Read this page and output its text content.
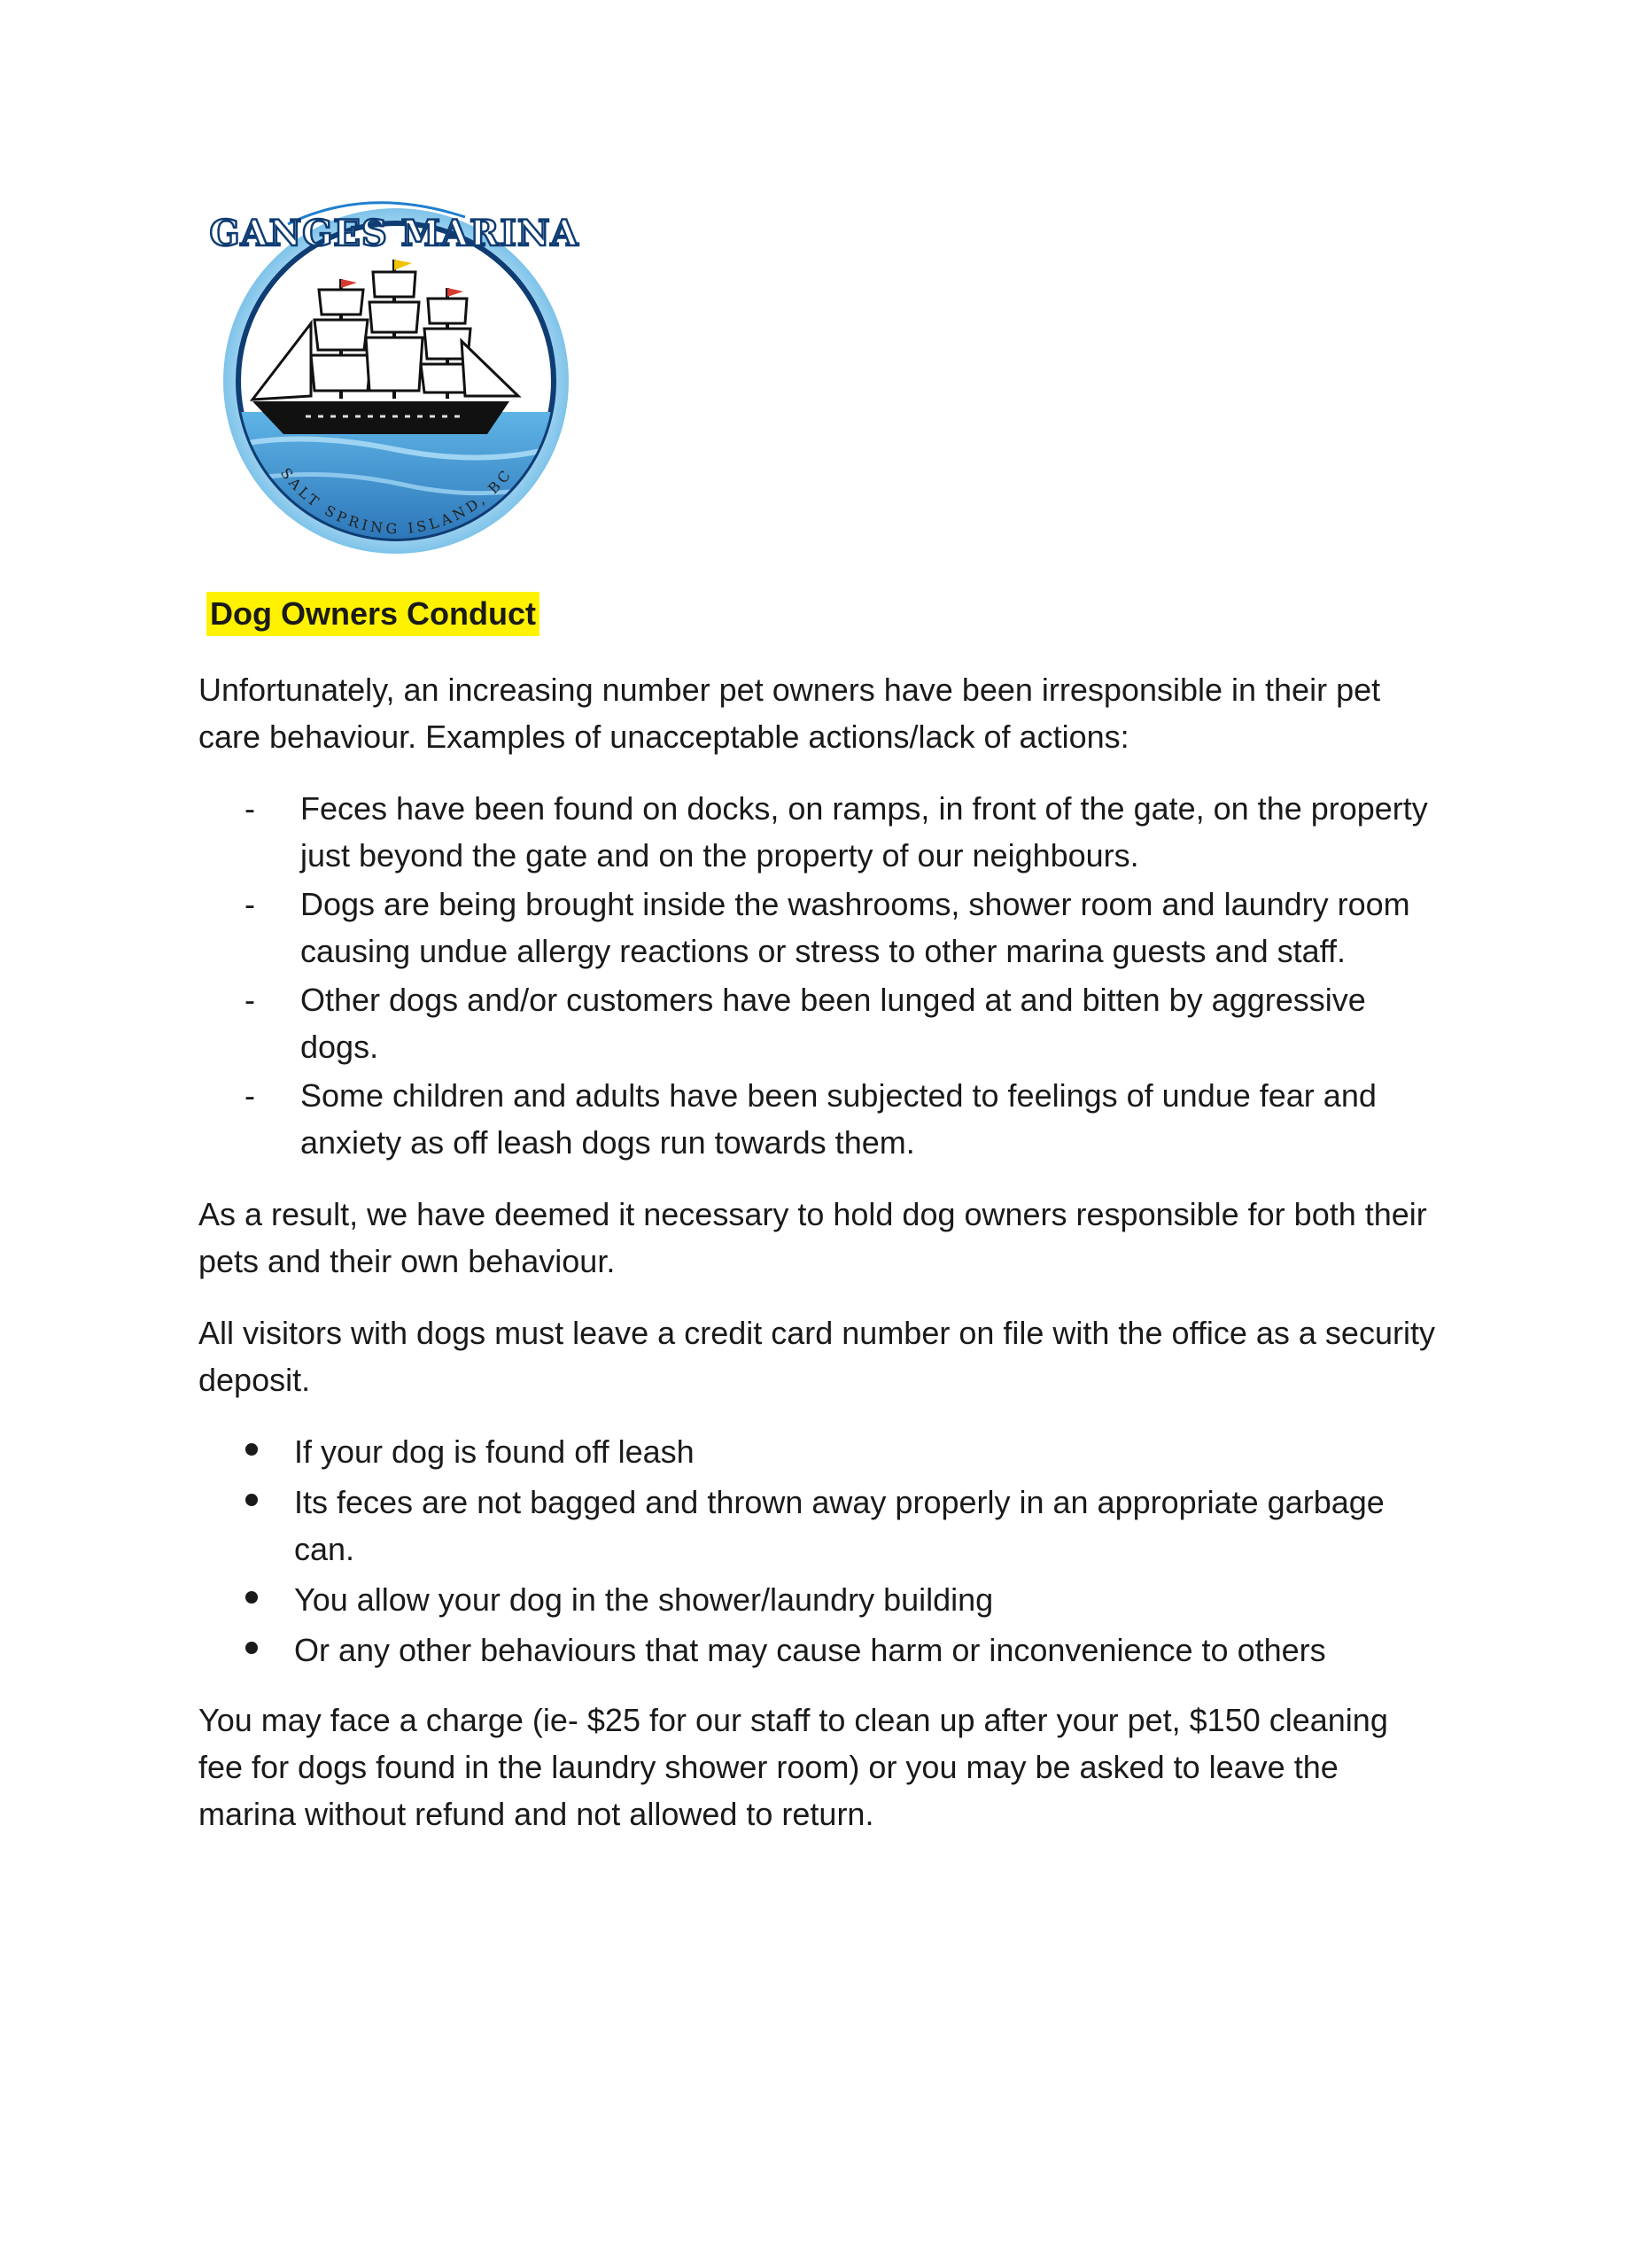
GANGES MARINA
SALT SPRING ISLAND, BC
Dog Owners Conduct

Unfortunately, an increasing number pet owners have been irresponsible in their pet care behaviour. Examples of unacceptable actions/lack of actions:

- Feces have been found on docks, on ramps, in front of the gate, on the property just beyond the gate and on the property of our neighbours.
- Dogs are being brought inside the washrooms, shower room and laundry room causing undue allergy reactions or stress to other marina guests and staff.
- Other dogs and/or customers have been lunged at and bitten by aggressive dogs.
- Some children and adults have been subjected to feelings of undue fear and anxiety as off leash dogs run towards them.

As a result, we have deemed it necessary to hold dog owners responsible for both their pets and their own behaviour.

All visitors with dogs must leave a credit card number on file with the office as a security deposit.

If your dog is found off leash
Its feces are not bagged and thrown away properly in an appropriate garbage can.
You allow your dog in the shower/laundry building
Or any other behaviours that may cause harm or inconvenience to others

You may face a charge (ie- $25 for our staff to clean up after your pet, $150 cleaning fee for dogs found in the laundry shower room) or you may be asked to leave the marina without refund and not allowed to return.
